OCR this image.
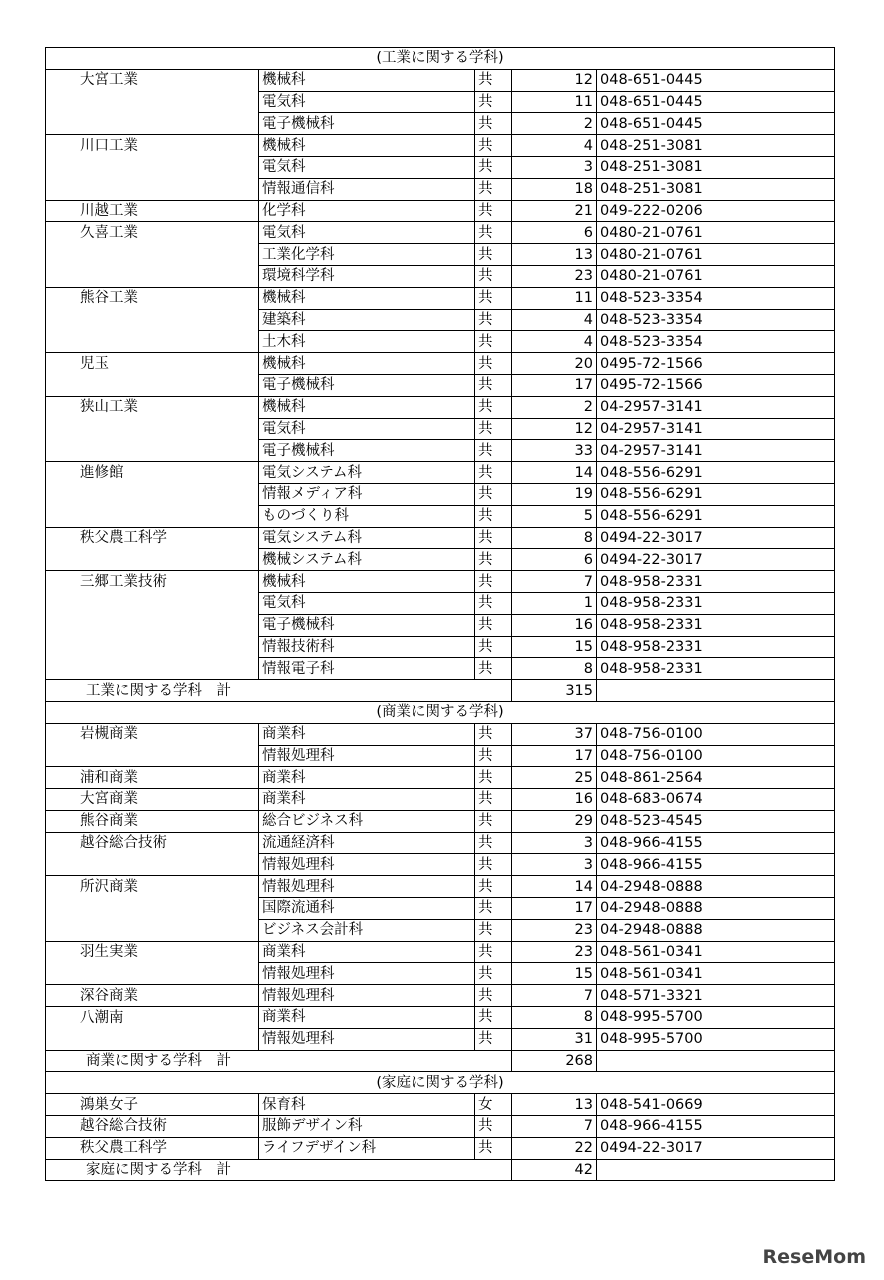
(工業に関する学科)				
大宮工業	機械科	共	12	048-651-0445
	電気科	共	11	048-651-0445
	電子機械科	共	2	048-651-0445
川口工業	機械科	共	4	048-251-3081
	電気科	共	3	048-251-3081
	情報通信科	共	18	048-251-3081
川越工業	化学科	共	21	049-222-0206
久喜工業	電気科	共	6	0480-21-0761
	工業化学科	共	13	0480-21-0761
	環境科学科	共	23	0480-21-0761
熊谷工業	機械科	共	11	048-523-3354
	建築科	共	4	048-523-3354
	土木科	共	4	048-523-3354
児玉	機械科	共	20	0495-72-1566
	電子機械科	共	17	0495-72-1566
狭山工業	機械科	共	2	04-2957-3141
	電気科	共	12	04-2957-3141
	電子機械科	共	33	04-2957-3141
進修館	電気システム科	共	14	048-556-6291
	情報メディア科	共	19	048-556-6291
	ものづくり科	共	5	048-556-6291
秩父農工科学	電気システム科	共	8	0494-22-3017
	機械システム科	共	6	0494-22-3017
三郷工業技術	機械科	共	7	048-958-2331
	電気科	共	1	048-958-2331
	電子機械科	共	16	048-958-2331
	情報技術科	共	15	048-958-2331
	情報電子科	共	8	048-958-2331
工業に関する学科　計			315	
(商業に関する学科)				
岩槻商業	商業科	共	37	048-756-0100
	情報処理科	共	17	048-756-0100
浦和商業	商業科	共	25	048-861-2564
大宮商業	商業科	共	16	048-683-0674
熊谷商業	総合ビジネス科	共	29	048-523-4545
越谷総合技術	流通経済科	共	3	048-966-4155
	情報処理科	共	3	048-966-4155
所沢商業	情報処理科	共	14	04-2948-0888
	国際流通科	共	17	04-2948-0888
	ビジネス会計科	共	23	04-2948-0888
羽生実業	商業科	共	23	048-561-0341
	情報処理科	共	15	048-561-0341
深谷商業	情報処理科	共	7	048-571-3321
八潮南	商業科	共	8	048-995-5700
	情報処理科	共	31	048-995-5700
商業に関する学科　計			268	
(家庭に関する学科)				
鴻巣女子	保育科	女	13	048-541-0669
越谷総合技術	服飾デザイン科	共	7	048-966-4155
秩父農工科学	ライフデザイン科	共	22	0494-22-3017
家庭に関する学科　計			42	
ReseMom
